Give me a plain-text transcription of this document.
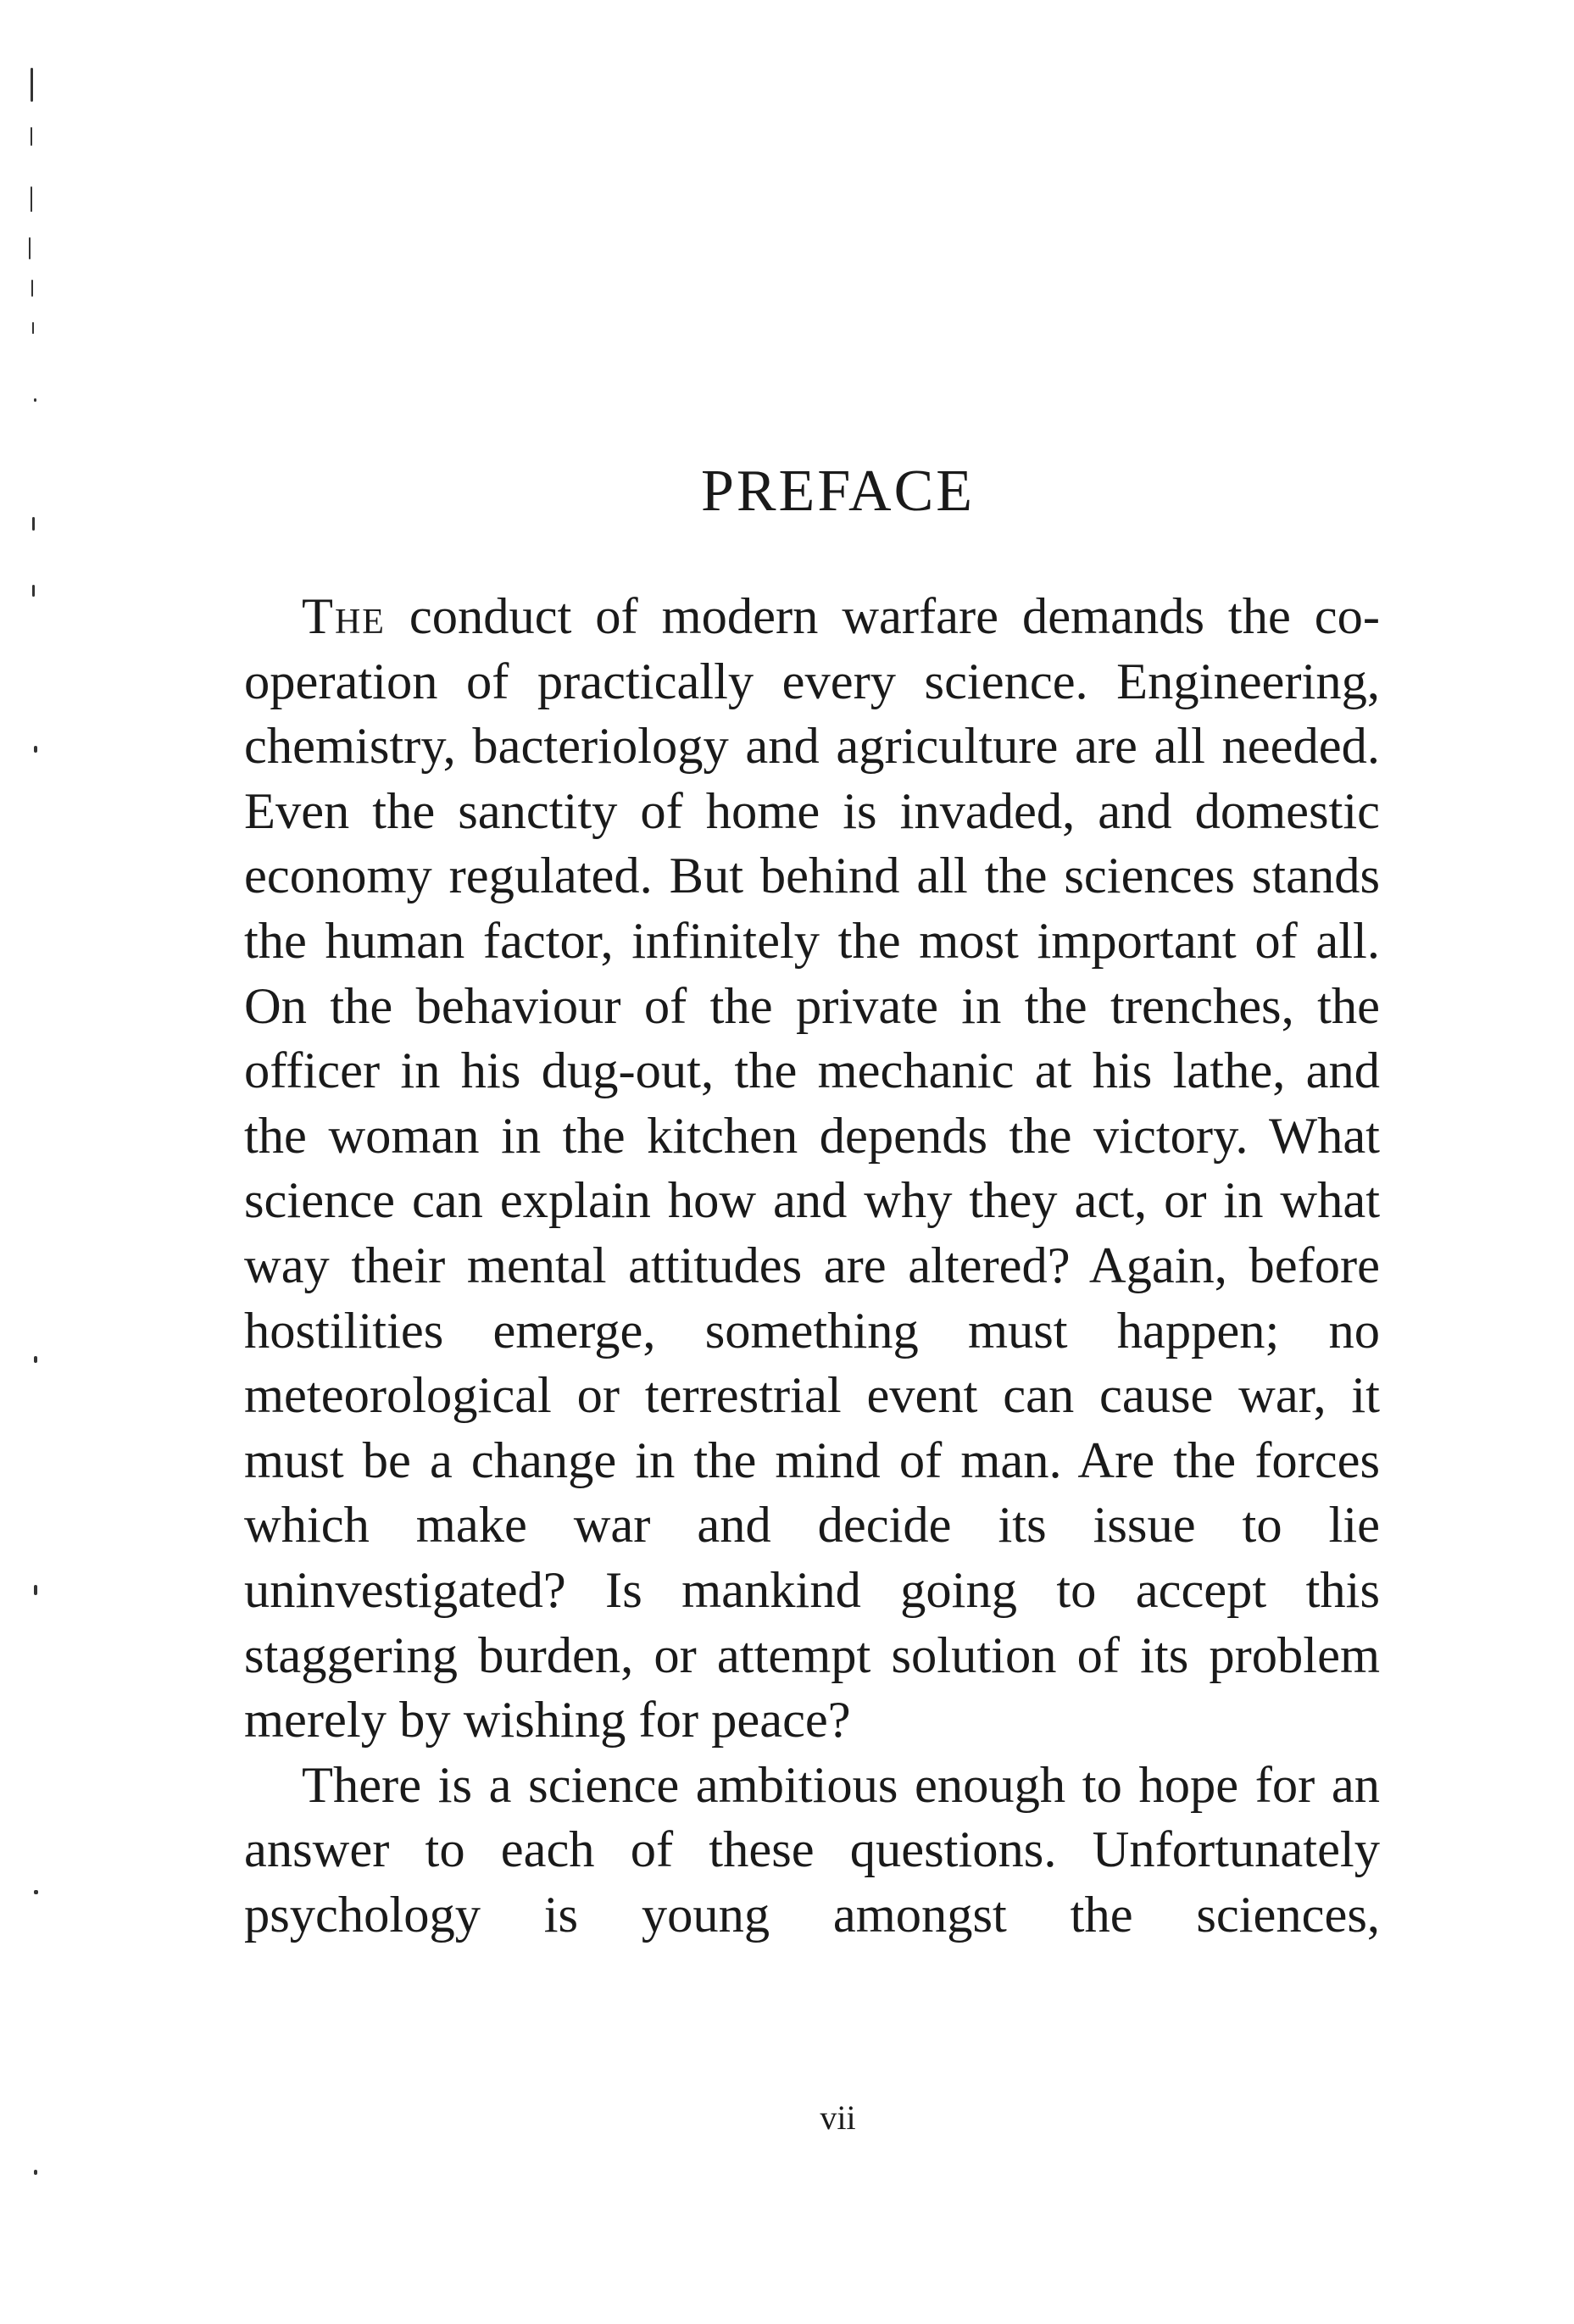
PREFACE

The conduct of modern warfare demands the co-operation of practically every science. Engineering, chemistry, bacteriology and agriculture are all needed. Even the sanctity of home is invaded, and domestic economy regulated. But behind all the sciences stands the human factor, infinitely the most important of all. On the behaviour of the private in the trenches, the officer in his dug-out, the mechanic at his lathe, and the woman in the kitchen depends the victory. What science can explain how and why they act, or in what way their mental attitudes are altered? Again, before hostilities emerge, something must happen; no meteorological or terrestrial event can cause war, it must be a change in the mind of man. Are the forces which make war and decide its issue to lie uninvestigated? Is mankind going to accept this staggering burden, or attempt solution of its problem merely by wishing for peace?

There is a science ambitious enough to hope for an answer to each of these questions. Unfortunately psychology is young amongst the sciences,

vii
